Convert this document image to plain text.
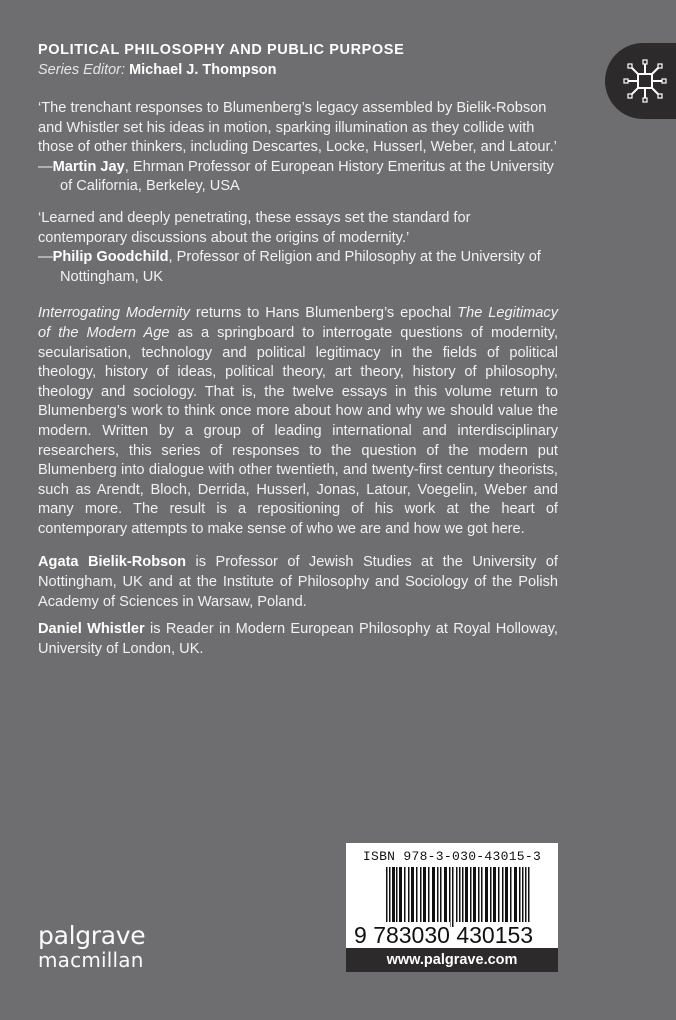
POLITICAL PHILOSOPHY AND PUBLIC PURPOSE
Series Editor: Michael J. Thompson

‘The trenchant responses to Blumenberg’s legacy assembled by Bielik-Robson and Whistler set his ideas in motion, sparking illumination as they collide with those of other thinkers, including Descartes, Locke, Husserl, Weber, and Latour.’

—Martin Jay, Ehrman Professor of European History Emeritus at the University of California, Berkeley, USA

‘Learned and deeply penetrating, these essays set the standard for contemporary discussions about the origins of modernity.’

—Philip Goodchild, Professor of Religion and Philosophy at the University of Nottingham, UK

Interrogating Modernity returns to Hans Blumenberg’s epochal The Legitimacy of the Modern Age as a springboard to interrogate questions of modernity, secularisation, technology and political legitimacy in the fields of political theology, history of ideas, political theory, art theory, history of philosophy, theology and sociology. That is, the twelve essays in this volume return to Blumenberg’s work to think once more about how and why we should value the modern. Written by a group of leading international and interdisciplinary researchers, this series of responses to the question of the modern put Blumenberg into dialogue with other twentieth, and twenty-first century theorists, such as Arendt, Bloch, Derrida, Husserl, Jonas, Latour, Voegelin, Weber and many more. The result is a repositioning of his work at the heart of contemporary attempts to make sense of who we are and how we got here.

Agata Bielik-Robson is Professor of Jewish Studies at the University of Nottingham, UK and at the Institute of Philosophy and Sociology of the Polish Academy of Sciences in Warsaw, Poland.

Daniel Whistler is Reader in Modern European Philosophy at Royal Holloway, University of London, UK.

palgrave
macmillan
ISBN 978-3-030-43015-3
9 783030 430153
www.palgrave.com
